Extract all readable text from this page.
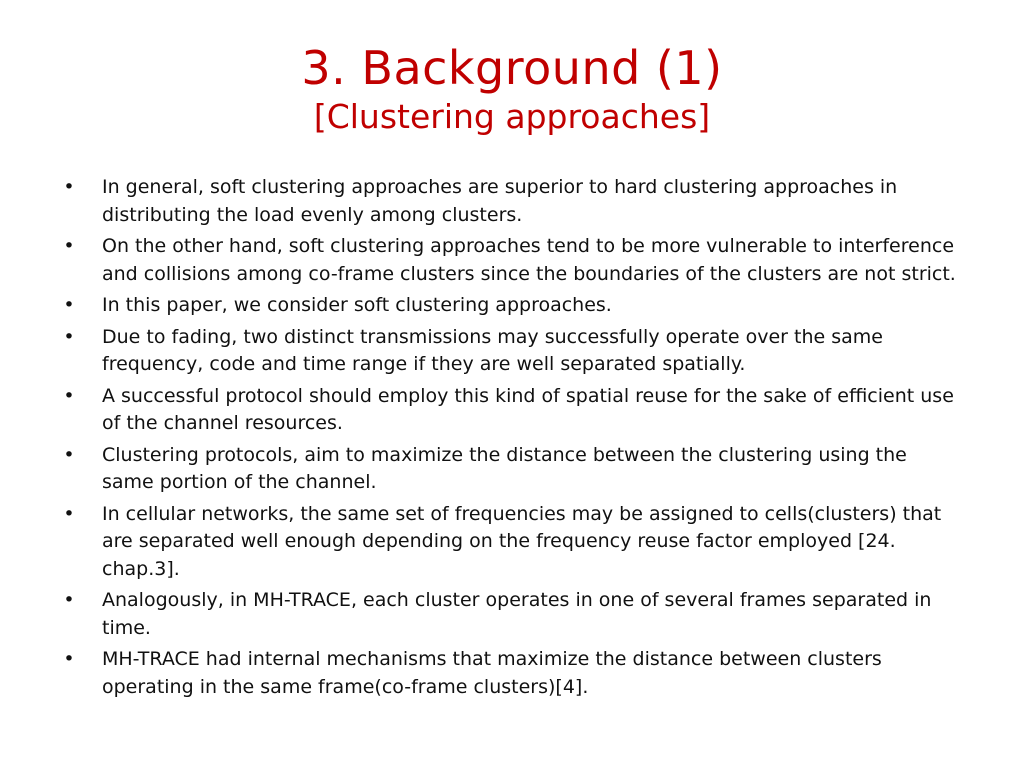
3. Background (1)
[Clustering approaches]
• In general, soft clustering approaches are superior to hard clustering approaches in distributing the load evenly among clusters.
• On the other hand, soft clustering approaches tend to be more vulnerable to interference and collisions among co-frame clusters since the boundaries of the clusters are not strict.
• In this paper, we consider soft clustering approaches.
• Due to fading, two distinct transmissions may successfully operate over the same frequency, code and time range if they are well separated spatially.
• A successful protocol should employ this kind of spatial reuse for the sake of efficient use of the channel resources.
• Clustering protocols, aim to maximize the distance between the clustering using the same portion of the channel.
• In cellular networks, the same set of frequencies may be assigned to cells(clusters) that are separated well enough depending on the frequency reuse factor employed [24. chap.3].
• Analogously, in MH-TRACE, each cluster operates in one of several frames separated in time.
• MH-TRACE had internal mechanisms that maximize the distance between clusters operating in the same frame(co-frame clusters)[4].
